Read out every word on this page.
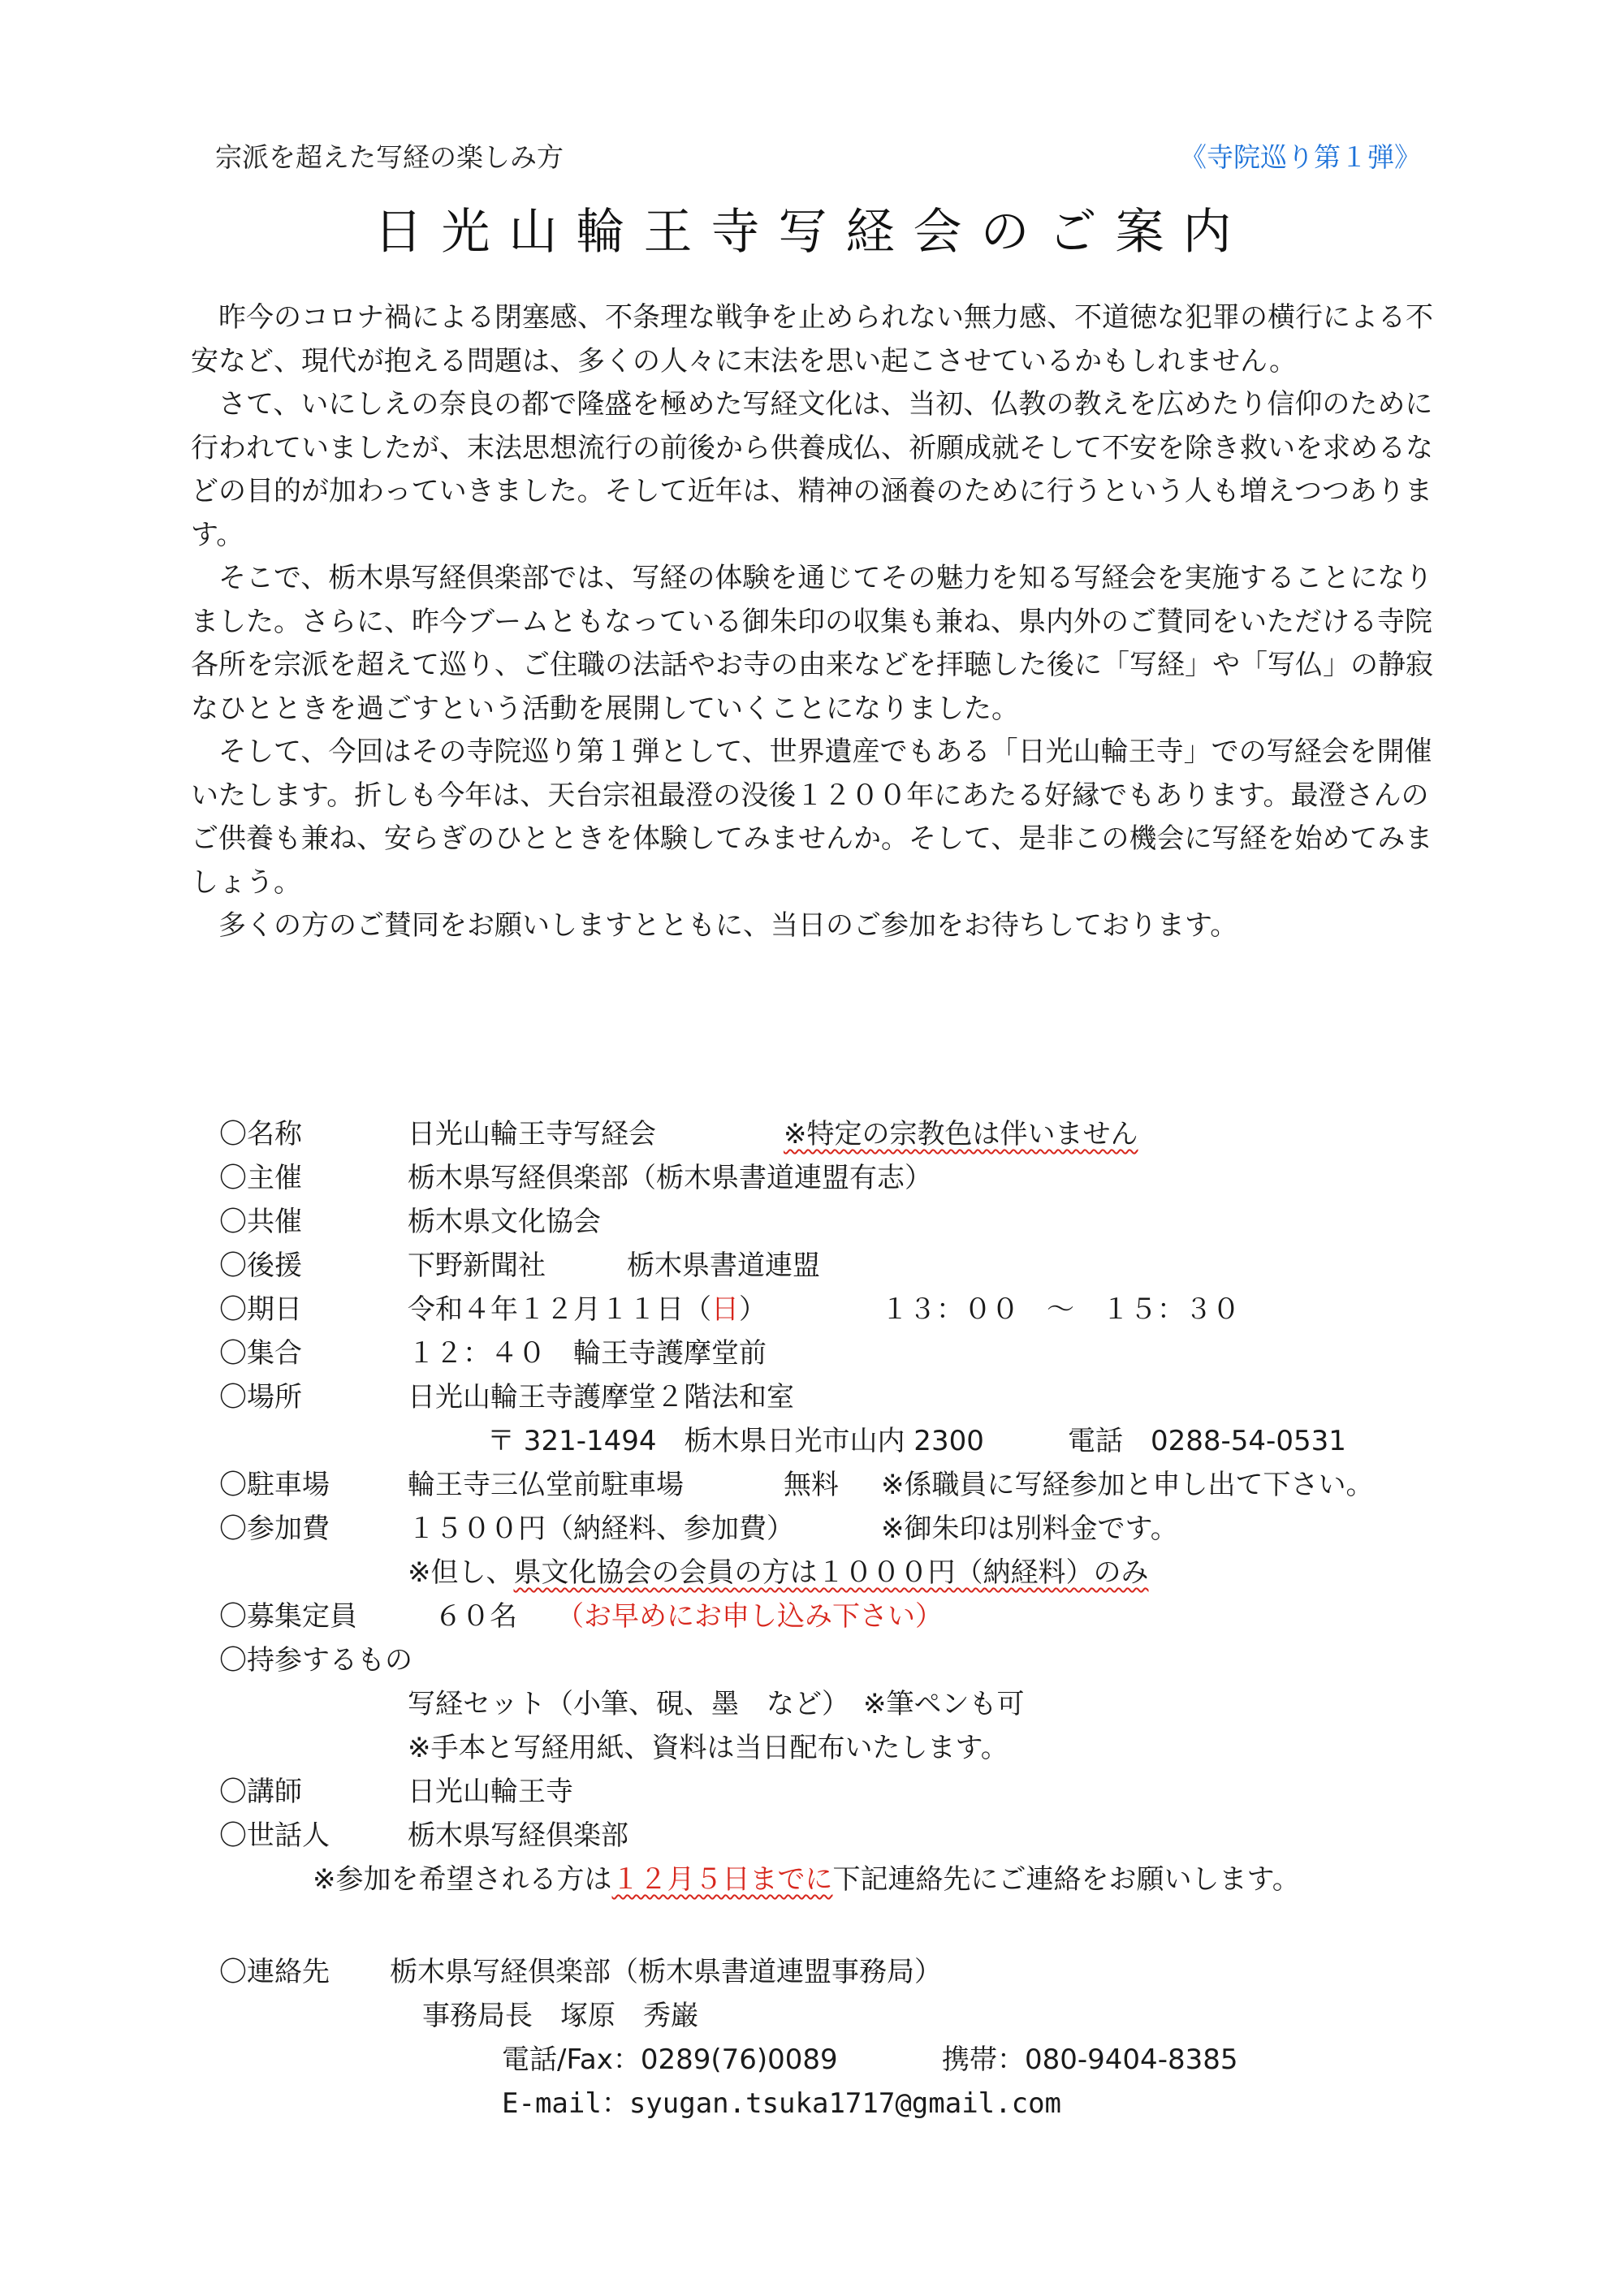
宗派を超えた写経の楽しみ方	《寺院巡り第１弾》
日光山輪王寺写経会のご案内

昨今のコロナ禍による閉塞感、不条理な戦争を止められない無力感、不道徳な犯罪の横行による不安など、現代が抱える問題は、多くの人々に末法を思い起こさせているかもしれません。

さて、いにしえの奈良の都で隆盛を極めた写経文化は、当初、仏教の教えを広めたり信仰のために行われていましたが、末法思想流行の前後から供養成仏、祈願成就そして不安を除き救いを求めるなどの目的が加わっていきました。そして近年は、精神の涵養のために行うという人も増えつつあります。

そこで、栃木県写経倶楽部では、写経の体験を通じてその魅力を知る写経会を実施することになりました。さらに、昨今ブームともなっている御朱印の収集も兼ね、県内外のご賛同をいただける寺院各所を宗派を超えて巡り、ご住職の法話やお寺の由来などを拝聴した後に「写経」や「写仏」の静寂なひとときを過ごすという活動を展開していくことになりました。

そして、今回はその寺院巡り第１弾として、世界遺産でもある「日光山輪王寺」での写経会を開催いたします。折しも今年は、天台宗祖最澄の没後１２００年にあたる好縁でもあります。最澄さんのご供養も兼ね、安らぎのひとときを体験してみませんか。そして、是非この機会に写経を始めてみましょう。

多くの方のご賛同をお願いしますとともに、当日のご参加をお待ちしております。

〇名称	日光山輪王寺写経会	※特定の宗教色は伴いません
〇主催	栃木県写経倶楽部（栃木県書道連盟有志）
〇共催	栃木県文化協会
〇後援	下野新聞社	栃木県書道連盟
〇期日	令和４年１２月１１日（日）	１３：００　～　１５：３０
〇集合	１２：４０　輪王寺護摩堂前
〇場所	日光山輪王寺護摩堂２階法和室
〒 321-1494　栃木県日光市山内 2300	電話　0288-54-0531
〇駐車場	輪王寺三仏堂前駐車場	無料 ※係職員に写経参加と申し出て下さい。
〇参加費	１５００円（納経料、参加費）	※御朱印は別料金です。
※但し、県文化協会の会員の方は１０００円（納経料）のみ
〇募集定員	６０名 （お早めにお申し込み下さい）
〇持参するもの
写経セット（小筆、硯、墨　など）　※筆ペンも可
※手本と写経用紙、資料は当日配布いたします。
〇講師	日光山輪王寺
〇世話人	栃木県写経倶楽部
※参加を希望される方は１２月５日までに下記連絡先にご連絡をお願いします。
〇連絡先 栃木県写経倶楽部（栃木県書道連盟事務局）
事務局長　塚原　秀巌
電話/Fax：0289(76)0089	携帯：080-9404-8385
E-mail：syugan.tsuka1717@gmail.com
